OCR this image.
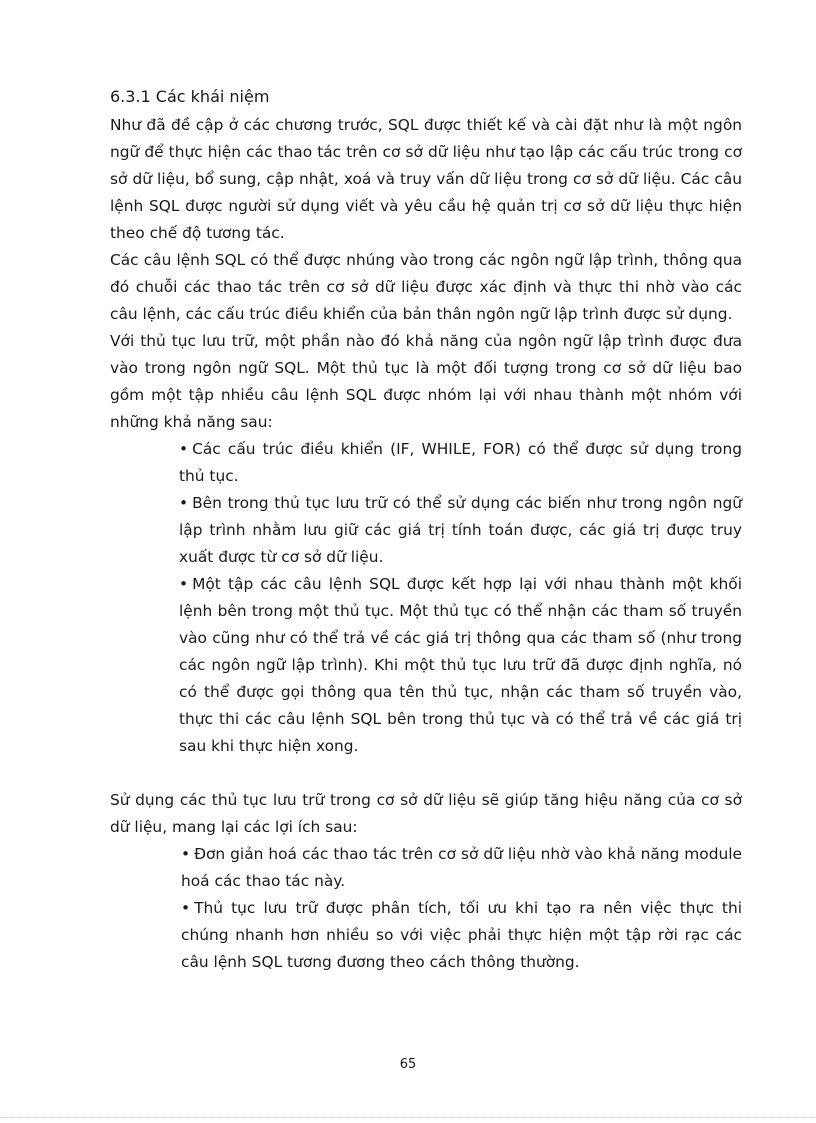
6.3.1 Các khái niệm

Như đã đề cập ở các chương trước, SQL được thiết kế và cài đặt như là một ngôn ngữ để thực hiện các thao tác trên cơ sở dữ liệu như tạo lập các cấu trúc trong cơ sở dữ liệu, bổ sung, cập nhật, xoá và truy vấn dữ liệu trong cơ sở dữ liệu. Các câu lệnh SQL được người sử dụng viết và yêu cầu hệ quản trị cơ sở dữ liệu thực hiện theo chế độ tương tác.

Các câu lệnh SQL có thể được nhúng vào trong các ngôn ngữ lập trình, thông qua đó chuỗi các thao tác trên cơ sở dữ liệu được xác định và thực thi nhờ vào các câu lệnh, các cấu trúc điều khiển của bản thân ngôn ngữ lập trình được sử dụng.

Với thủ tục lưu trữ, một phần nào đó khả năng của ngôn ngữ lập trình được đưa vào trong ngôn ngữ SQL. Một thủ tục là một đối tượng trong cơ sở dữ liệu bao gồm một tập nhiều câu lệnh SQL được nhóm lại với nhau thành một nhóm với những khả năng sau:

• Các cấu trúc điều khiển (IF, WHILE, FOR) có thể được sử dụng trong thủ tục.
• Bên trong thủ tục lưu trữ có thể sử dụng các biến như trong ngôn ngữ lập trình nhằm lưu giữ các giá trị tính toán được, các giá trị được truy xuất được từ cơ sở dữ liệu.
• Một tập các câu lệnh SQL được kết hợp lại với nhau thành một khối lệnh bên trong một thủ tục. Một thủ tục có thể nhận các tham số truyền vào cũng như có thể trả về các giá trị thông qua các tham số (như trong các ngôn ngữ lập trình). Khi một thủ tục lưu trữ đã được định nghĩa, nó có thể được gọi thông qua tên thủ tục, nhận các tham số truyền vào, thực thi các câu lệnh SQL bên trong thủ tục và có thể trả về các giá trị sau khi thực hiện xong.

Sử dụng các thủ tục lưu trữ trong cơ sở dữ liệu sẽ giúp tăng hiệu năng của cơ sở dữ liệu, mang lại các lợi ích sau:

• Đơn giản hoá các thao tác trên cơ sở dữ liệu nhờ vào khả năng module hoá các thao tác này.
• Thủ tục lưu trữ được phân tích, tối ưu khi tạo ra nên việc thực thi chúng nhanh hơn nhiều so với việc phải thực hiện một tập rời rạc các câu lệnh SQL tương đương theo cách thông thường.
65
